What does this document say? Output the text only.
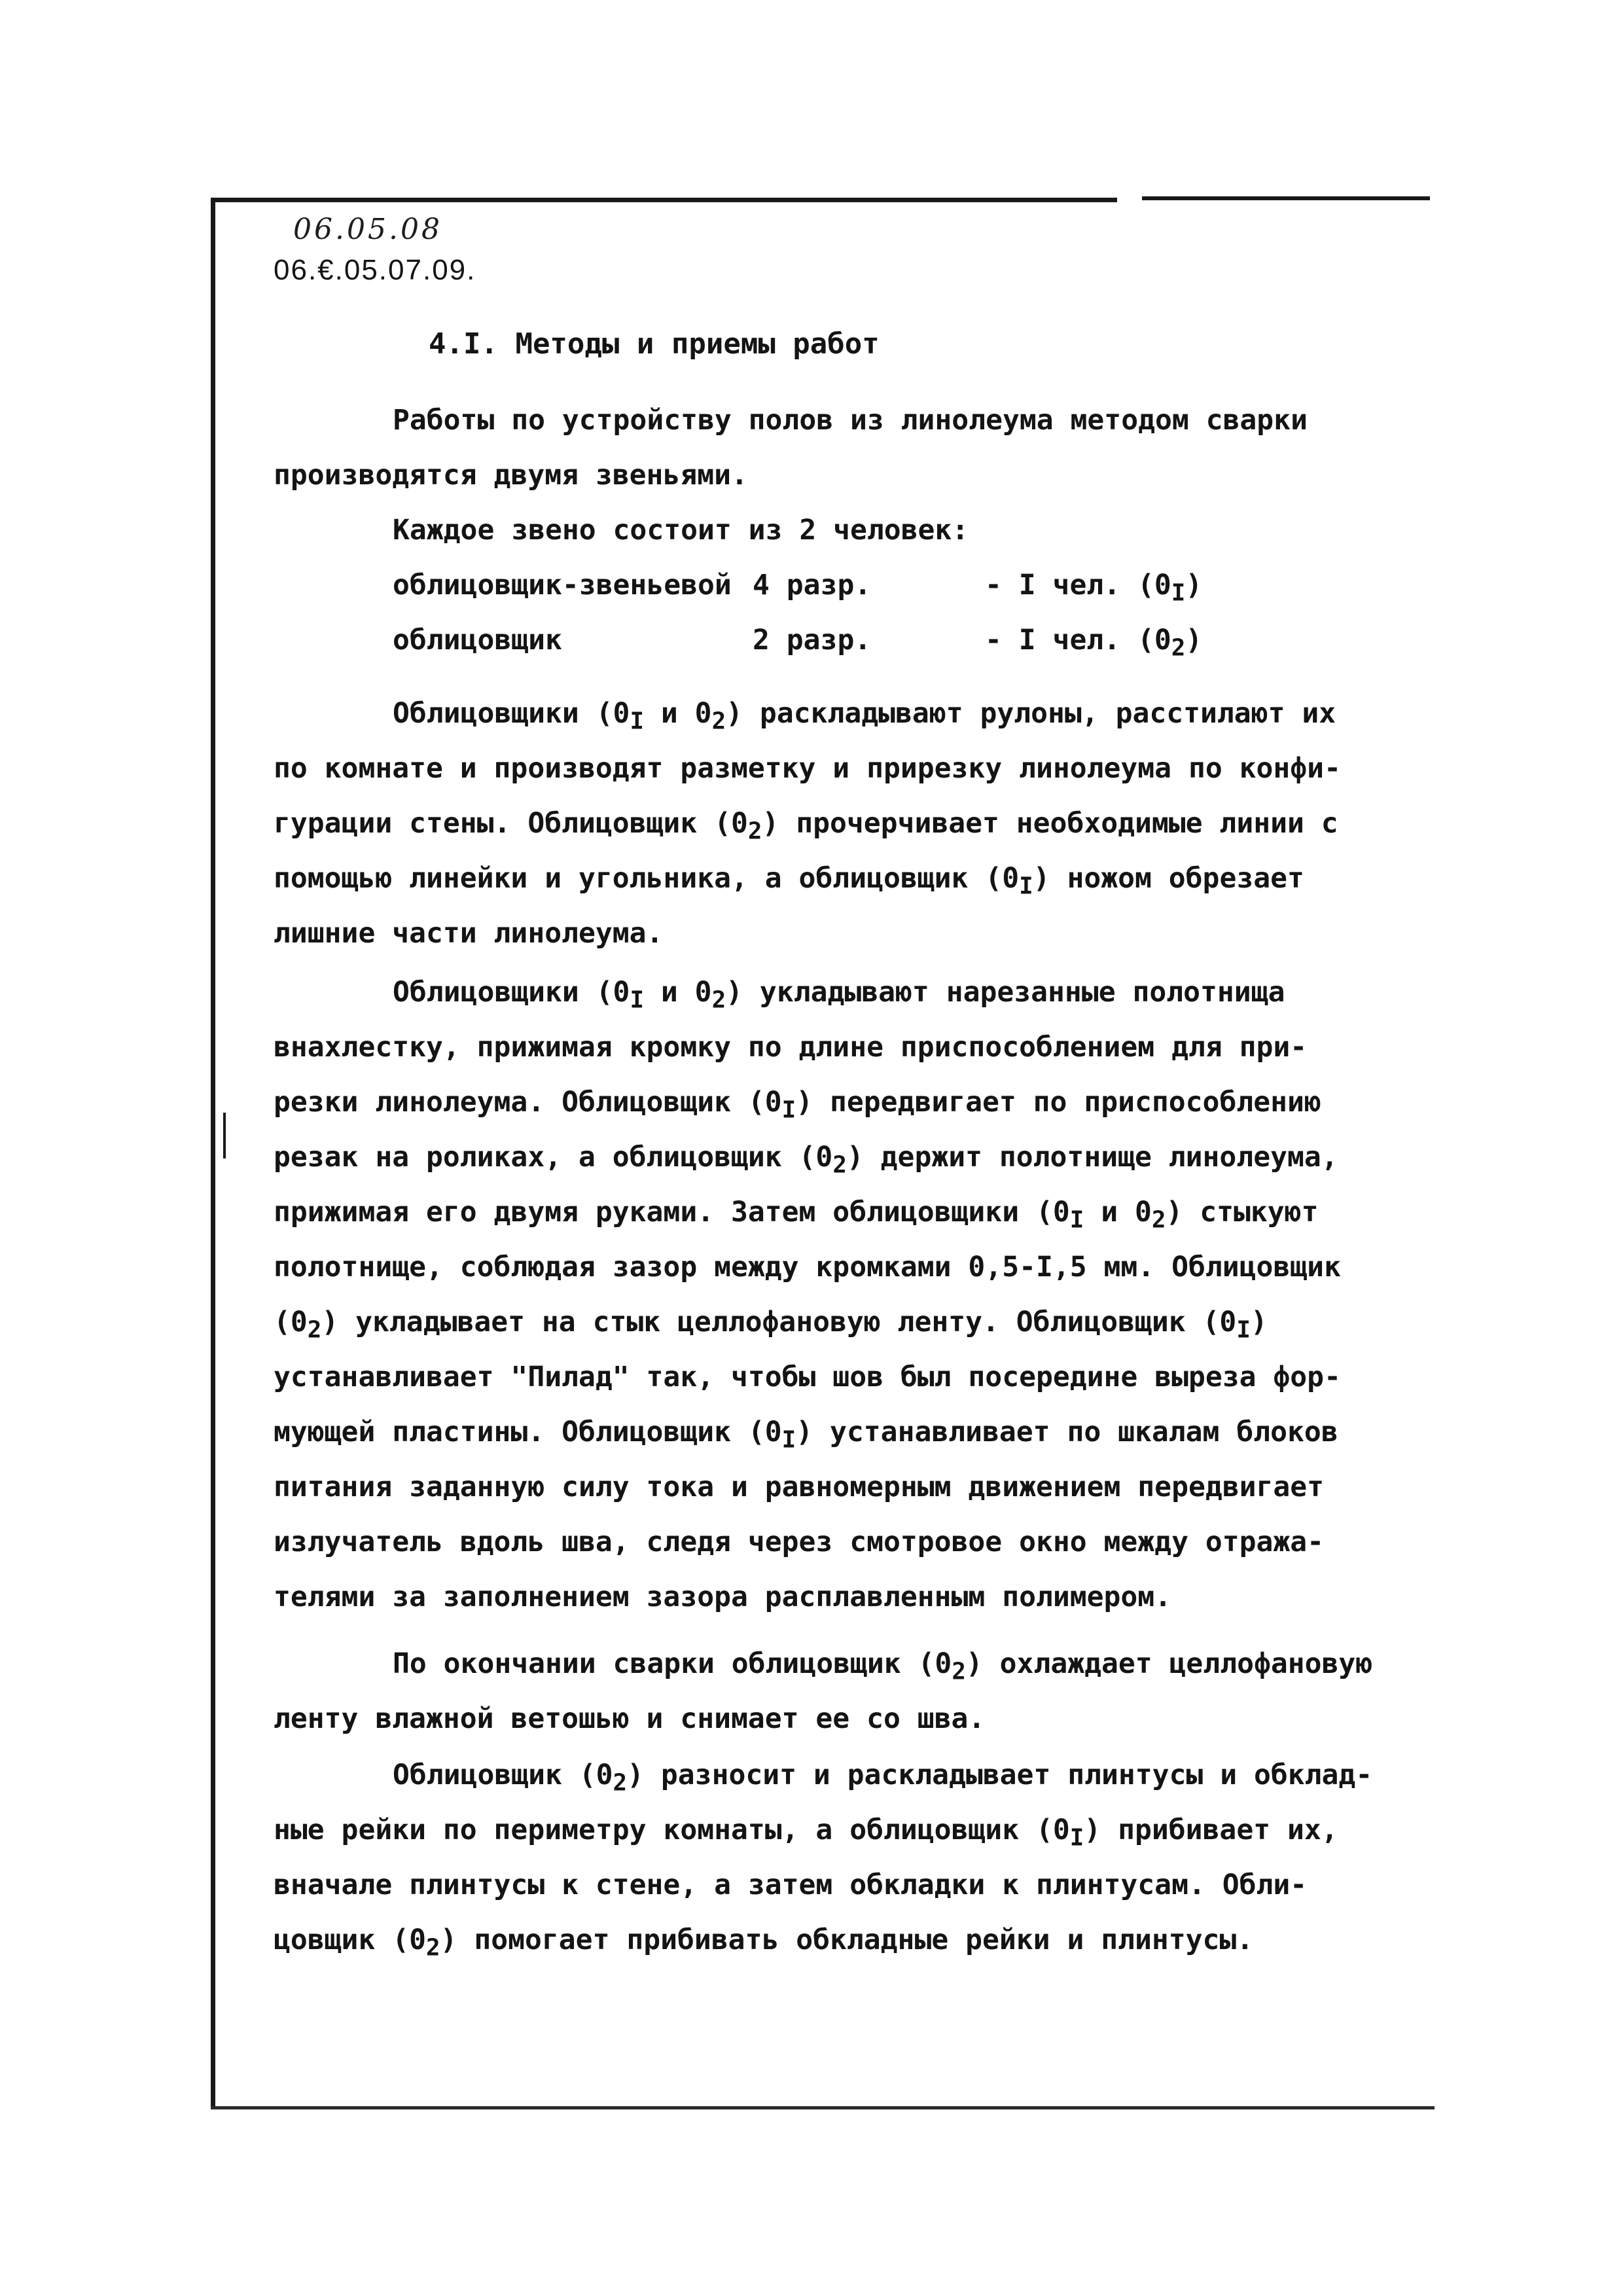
06.05.08
06.€.05.07.09.
4.I. Методы и приемы работ
Работы по устройству полов из линолеума методом сварки
производятся двумя звеньями.
Каждое звено состоит из 2 человек:
облицовщик-звеньевой 4 разр.	- I чел. $(0_I)$
облицовщик	2 разр.	- I чел. $(0_2)$
Облицовщики ($0_I$ и $0_2$) раскладывают рулоны, расстилают их
по комнате и производят разметку и прирезку линолеума по конфи-
гурации стены. Облицовщик $(0_2)$ прочерчивает необходимые линии с
помощью линейки и угольника, а облицовщик $(0_I)$ ножом обрезает
лишние части линолеума.
Облицовщики ($0_I$ и $0_2$) укладывают нарезанные полотнища
внахлестку, прижимая кромку по длине приспособлением для при-
резки линолеума. Облицовщик $(0_I)$ передвигает по приспособлению
резак на роликах, а облицовщик $(0_2)$ держит полотнище линолеума,
прижимая его двумя руками. Затем облицовщики ($0_I$ и $0_2$) стыкуют
полотнище, соблюдая зазор между кромками 0,5-I,5 мм. Облицовщик
$(0_2)$ укладывает на стык целлофановую ленту. Облицовщик $(0_I)$
устанавливает "Пилад" так, чтобы шов был посередине выреза фор-
мующей пластины. Облицовщик $(0_I)$ устанавливает по шкалам блоков
питания заданную силу тока и равномерным движением передвигает
излучатель вдоль шва, следя через смотровое окно между отража-
телями за заполнением зазора расплавленным полимером.
По окончании сварки облицовщик $(0_2)$ охлаждает целлофановую
ленту влажной ветошью и снимает ее со шва.
Облицовщик $(0_2)$ разносит и раскладывает плинтусы и обклад-
ные рейки по периметру комнаты, а облицовщик $(0_I)$ прибивает их,
вначале плинтусы к стене, а затем обкладки к плинтусам. Обли-
цовщик $(0_2)$ помогает прибивать обкладные рейки и плинтусы.
